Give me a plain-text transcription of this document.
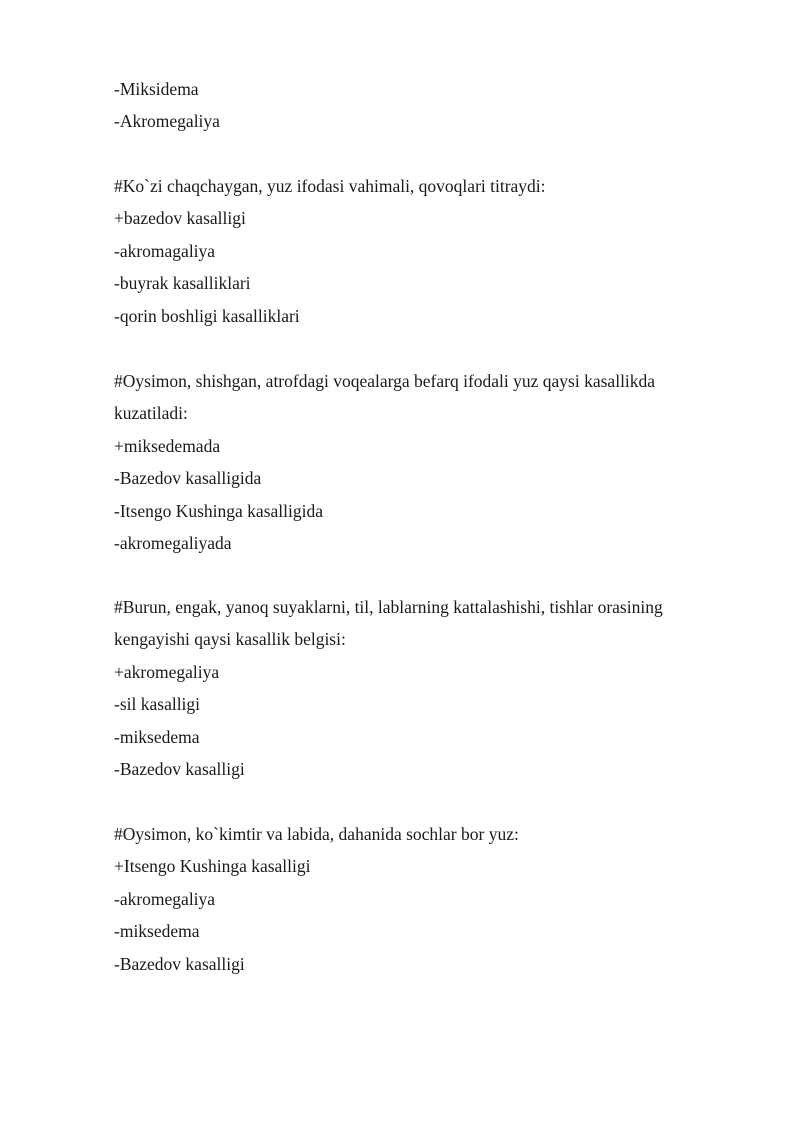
-Miksidema
-Akromegaliya
#Ko`zi chaqchaygan, yuz ifodasi vahimali, qovoqlari titraydi:
+bazedov kasalligi
-akromagaliya
-buyrak kasalliklari
-qorin boshligi kasalliklari
#Oysimon, shishgan, atrofdagi voqealarga befarq ifodali yuz qaysi kasallikda kuzatiladi:
+miksedemada
-Bazedov kasalligida
-Itsengo Kushinga kasalligida
-akromegaliyada
#Burun, engak, yanoq suyaklarni, til, lablarning kattalashishi, tishlar orasining kengayishi qaysi kasallik belgisi:
+akromegaliya
-sil kasalligi
-miksedema
-Bazedov kasalligi
#Oysimon, ko`kimtir va labida, dahanida sochlar bor yuz:
+Itsengo Kushinga kasalligi
-akromegaliya
-miksedema
-Bazedov kasalligi
